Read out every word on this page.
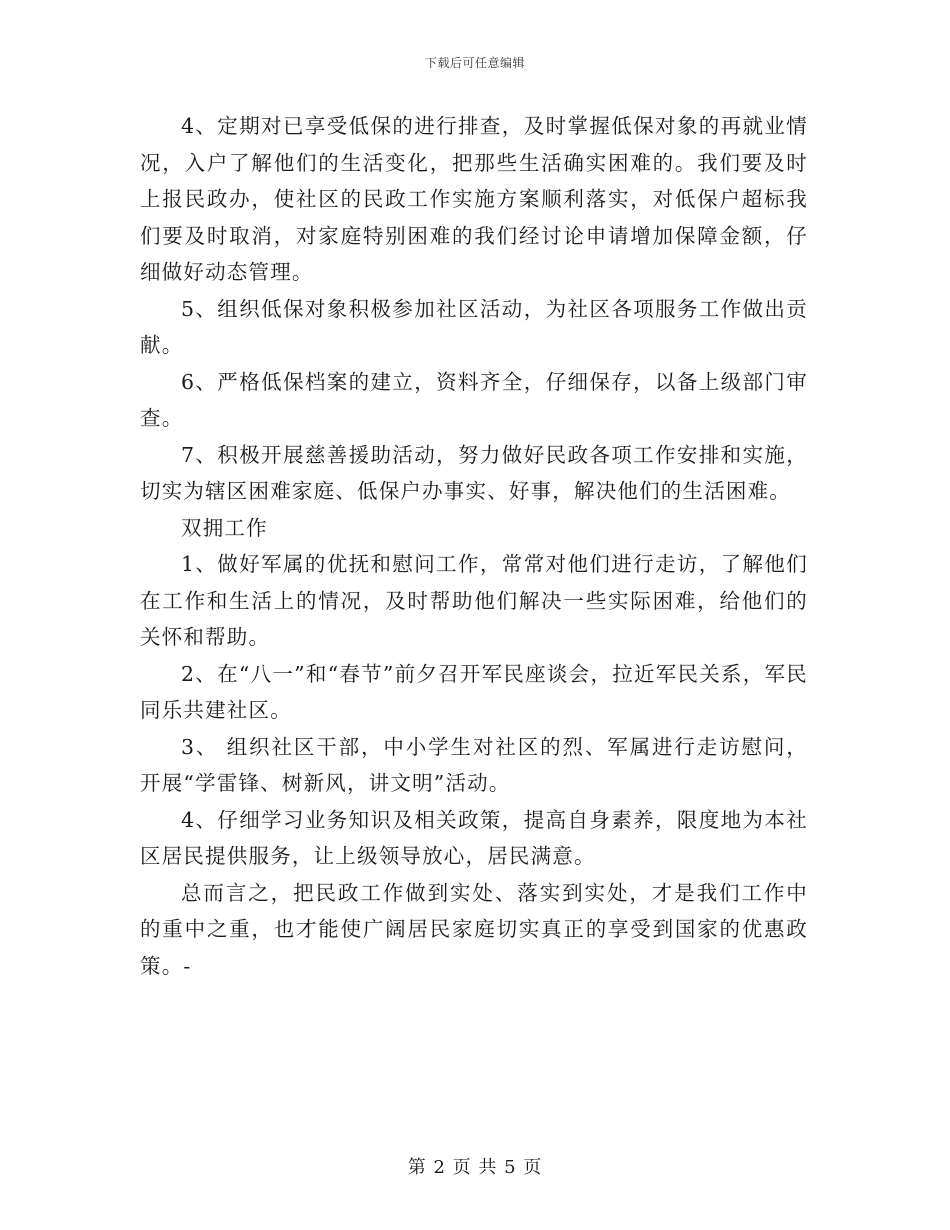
下载后可任意编辑

4、定期对已享受低保的进行排查，及时掌握低保对象的再就业情况，入户了解他们的生活变化，把那些生活确实困难的。我们要及时上报民政办，使社区的民政工作实施方案顺利落实，对低保户超标我们要及时取消，对家庭特别困难的我们经讨论申请增加保障金额，仔细做好动态管理。

5、组织低保对象积极参加社区活动，为社区各项服务工作做出贡献。

6、严格低保档案的建立，资料齐全，仔细保存，以备上级部门审查。

7、积极开展慈善援助活动，努力做好民政各项工作安排和实施，切实为辖区困难家庭、低保户办事实、好事，解决他们的生活困难。

双拥工作

1、做好军属的优抚和慰问工作，常常对他们进行走访，了解他们在工作和生活上的情况，及时帮助他们解决一些实际困难，给他们的关怀和帮助。

2、在“八一”和“春节”前夕召开军民座谈会，拉近军民关系，军民同乐共建社区。

3、 组织社区干部，中小学生对社区的烈、军属进行走访慰问，开展“学雷锋、树新风，讲文明”活动。

4、仔细学习业务知识及相关政策，提高自身素养，限度地为本社区居民提供服务，让上级领导放心，居民满意。

总而言之，把民政工作做到实处、落实到实处，才是我们工作中的重中之重，也才能使广阔居民家庭切实真正的享受到国家的优惠政策。-

第 2 页 共 5 页
